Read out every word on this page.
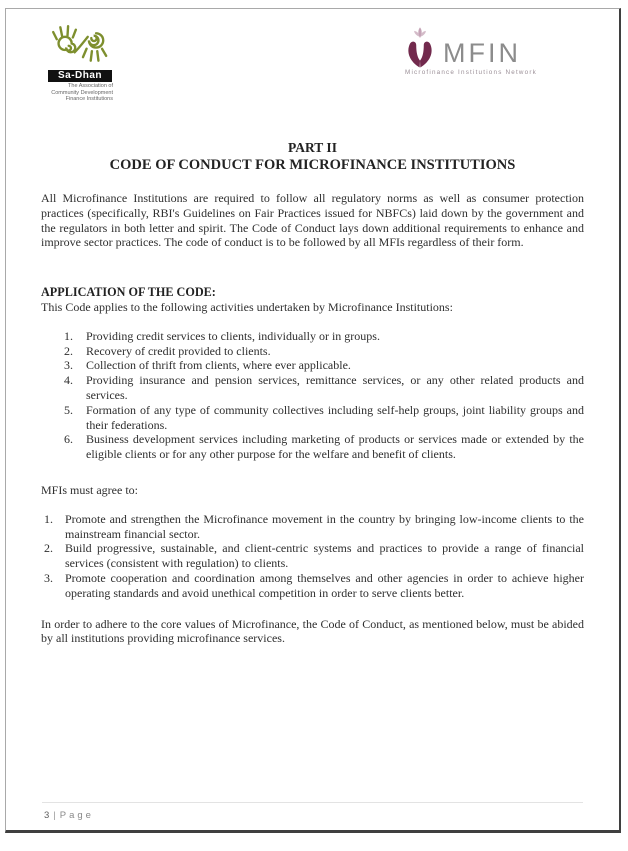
Sa-Dhan
The Association of
Community Development
Finance Institutions
MFIN
Microfinance Institutions Network
PART II
CODE OF CONDUCT FOR MICROFINANCE INSTITUTIONS

All Microfinance Institutions are required to follow all regulatory norms as well as consumer protection practices (specifically, RBI's Guidelines on Fair Practices issued for NBFCs) laid down by the government and the regulators in both letter and spirit. The Code of Conduct lays down additional requirements to enhance and improve sector practices. The code of conduct is to be followed by all MFIs regardless of their form.

APPLICATION OF THE CODE:

This Code applies to the following activities undertaken by Microfinance Institutions:

Providing credit services to clients, individually or in groups.
Recovery of credit provided to clients.
Collection of thrift from clients, where ever applicable.
Providing insurance and pension services, remittance services, or any other related products and services.
Formation of any type of community collectives including self-help groups, joint liability groups and their federations.
Business development services including marketing of products or services made or extended by the eligible clients or for any other purpose for the welfare and benefit of clients.

MFIs must agree to:

Promote and strengthen the Microfinance movement in the country by bringing low-income clients to the mainstream financial sector.
Build progressive, sustainable, and client-centric systems and practices to provide a range of financial services (consistent with regulation) to clients.
Promote cooperation and coordination among themselves and other agencies in order to achieve higher operating standards and avoid unethical competition in order to serve clients better.

In order to adhere to the core values of Microfinance, the Code of Conduct, as mentioned below, must be abided by all institutions providing microfinance services.

3 | Page
